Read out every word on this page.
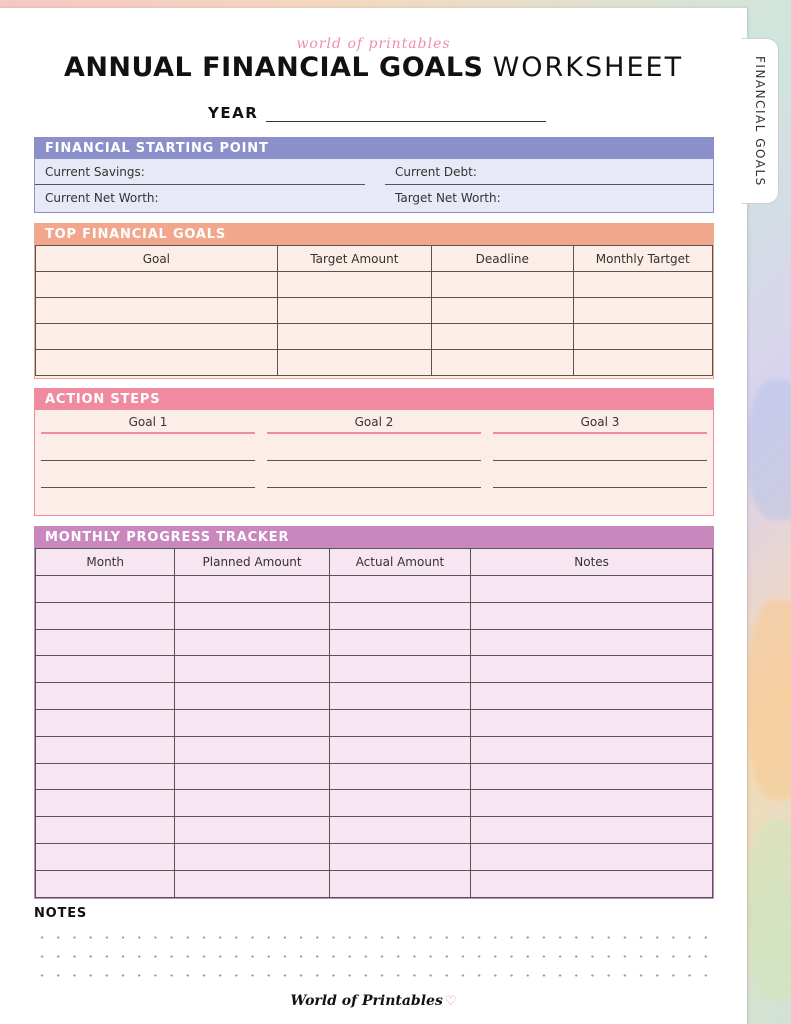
FINANCIAL GOALS
world of printables
ANNUAL FINANCIAL GOALS WORKSHEET
YEAR
FINANCIAL STARTING POINT
Current Savings:	Current Debt:
Current Net Worth:	Target Net Worth:
TOP FINANCIAL GOALS
Goal	Target Amount	Deadline	Monthly Tartget

ACTION STEPS
Goal 1	Goal 2	Goal 3
MONTHLY PROGRESS TRACKER
Month	Planned Amount	Actual Amount	Notes

NOTES
World of Printables ♡
